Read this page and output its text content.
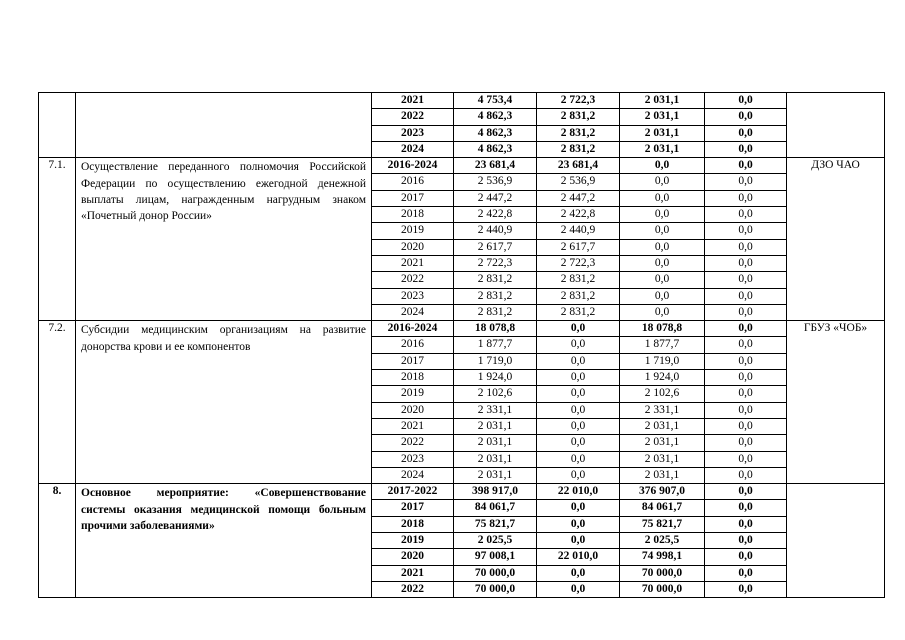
		2021	4 753,4	2 722,3	2 031,1	0,0	
		2022	4 862,3	2 831,2	2 031,1	0,0	
		2023	4 862,3	2 831,2	2 031,1	0,0	
		2024	4 862,3	2 831,2	2 031,1	0,0	
7.1.	Осуществление переданного полномочия Российской Федерации по осуществлению ежегодной денежной выплаты лицам, награжденным нагрудным знаком «Почетный донор России»	2016-2024	23 681,4	23 681,4	0,0	0,0	ДЗО ЧАО
		2016	2 536,9	2 536,9	0,0	0,0	
		2017	2 447,2	2 447,2	0,0	0,0	
		2018	2 422,8	2 422,8	0,0	0,0	
		2019	2 440,9	2 440,9	0,0	0,0	
		2020	2 617,7	2 617,7	0,0	0,0	
		2021	2 722,3	2 722,3	0,0	0,0	
		2022	2 831,2	2 831,2	0,0	0,0	
		2023	2 831,2	2 831,2	0,0	0,0	
		2024	2 831,2	2 831,2	0,0	0,0	
7.2.	Субсидии медицинским организациям на развитие донорства крови и ее компонентов	2016-2024	18 078,8	0,0	18 078,8	0,0	ГБУЗ «ЧОБ»
		2016	1 877,7	0,0	1 877,7	0,0	
		2017	1 719,0	0,0	1 719,0	0,0	
		2018	1 924,0	0,0	1 924,0	0,0	
		2019	2 102,6	0,0	2 102,6	0,0	
		2020	2 331,1	0,0	2 331,1	0,0	
		2021	2 031,1	0,0	2 031,1	0,0	
		2022	2 031,1	0,0	2 031,1	0,0	
		2023	2 031,1	0,0	2 031,1	0,0	
		2024	2 031,1	0,0	2 031,1	0,0	
8.	Основное мероприятие: «Совершенствование системы оказания медицинской помощи больным прочими заболеваниями»	2017-2022	398 917,0	22 010,0	376 907,0	0,0	
		2017	84 061,7	0,0	84 061,7	0,0	
		2018	75 821,7	0,0	75 821,7	0,0	
		2019	2 025,5	0,0	2 025,5	0,0	
		2020	97 008,1	22 010,0	74 998,1	0,0	
		2021	70 000,0	0,0	70 000,0	0,0	
		2022	70 000,0	0,0	70 000,0	0,0	
